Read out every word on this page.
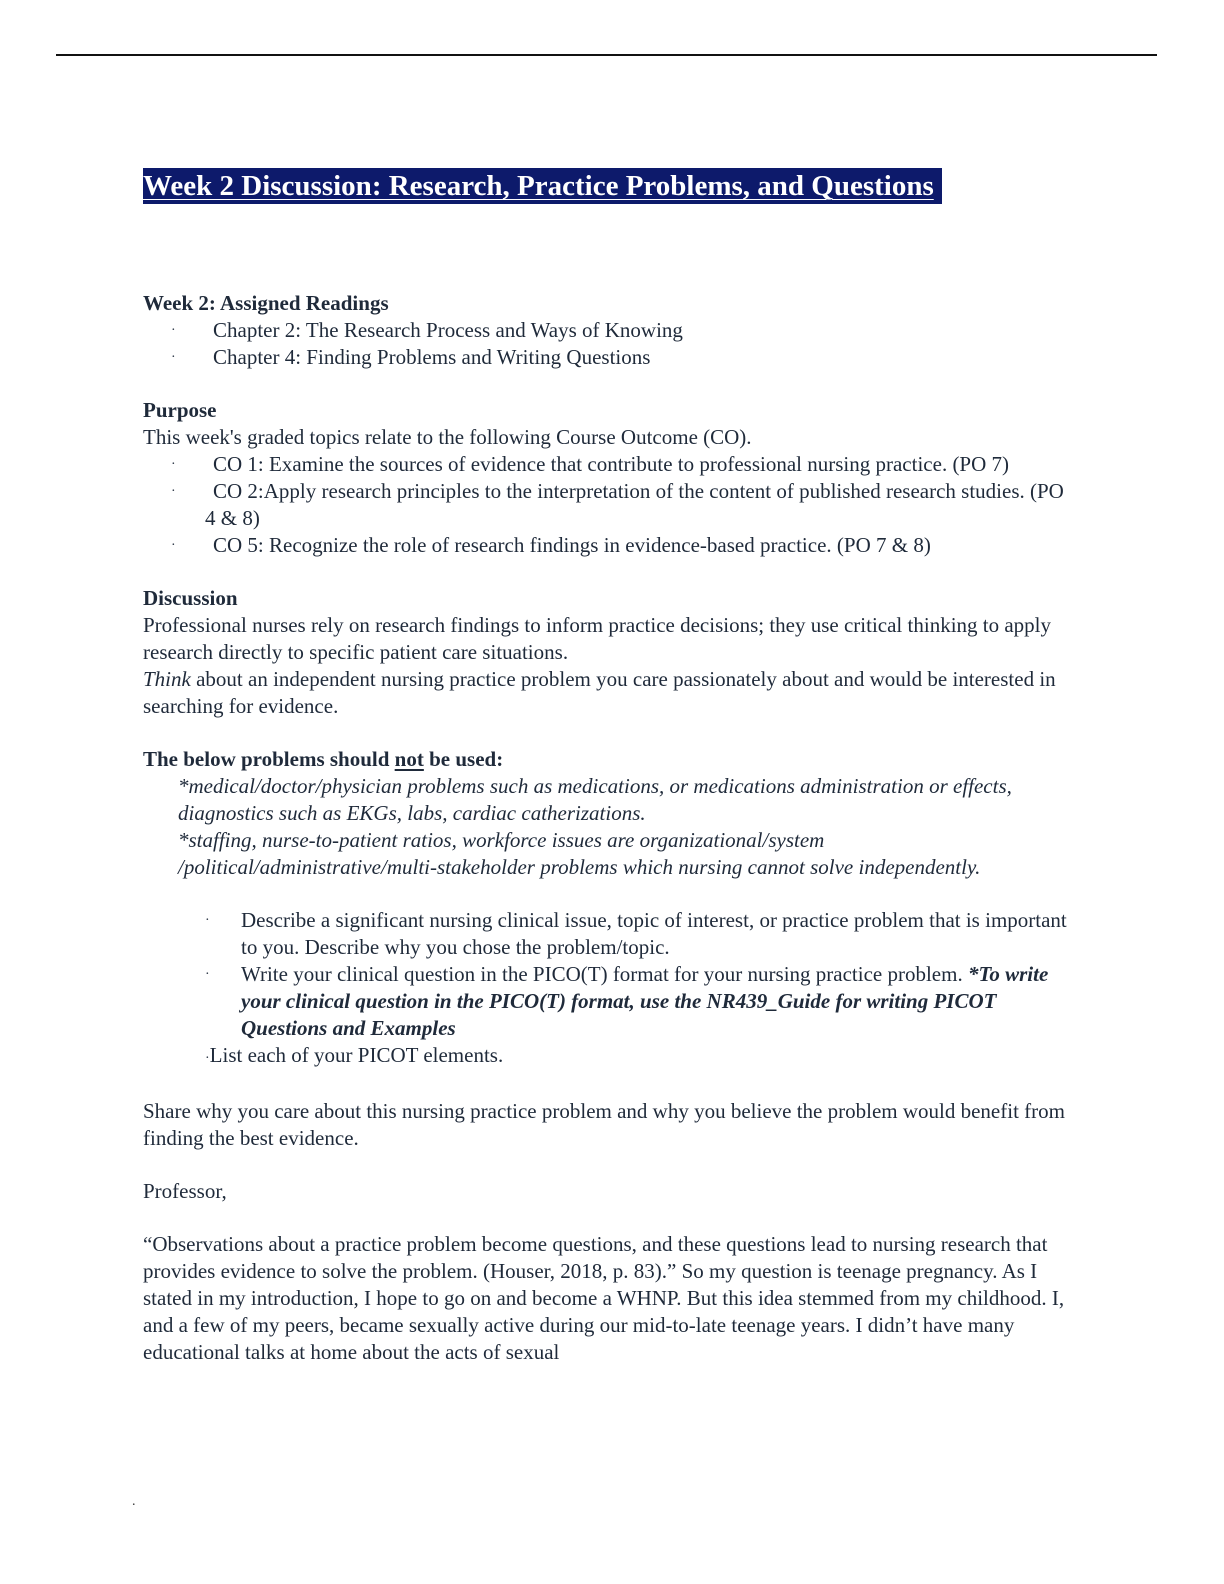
Week 2 Discussion: Research, Practice Problems, and Questions
Week 2: Assigned Readings
· Chapter 2: The Research Process and Ways of Knowing
· Chapter 4: Finding Problems and Writing Questions
Purpose
This week's graded topics relate to the following Course Outcome (CO).
·	CO 1: Examine the sources of evidence that contribute to professional nursing practice. (PO 7)
·	CO 2:Apply research principles to the interpretation of the content of published research studies. (PO 4 & 8)
·	CO 5: Recognize the role of research findings in evidence-based practice. (PO 7 & 8)
Discussion
Professional nurses rely on research findings to inform practice decisions; they use critical thinking to apply research directly to specific patient care situations.
Think about an independent nursing practice problem you care passionately about and would be interested in searching for evidence.
The below problems should not be used:
*medical/doctor/physician problems such as medications, or medications administration or effects, diagnostics such as EKGs, labs, cardiac catherizations.
*staffing, nurse-to-patient ratios, workforce issues are organizational/system /political/administrative/multi-stakeholder problems which nursing cannot solve independently.
· Describe a significant nursing clinical issue, topic of interest, or practice problem that is important to you. Describe why you chose the problem/topic.
· Write your clinical question in the PICO(T) format for your nursing practice problem. *To write your clinical question in the PICO(T) format, use the NR439_Guide for writing PICOT Questions and Examples
·List each of your PICOT elements.
Share why you care about this nursing practice problem and why you believe the problem would benefit from finding the best evidence.
Professor,
“Observations about a practice problem become questions, and these questions lead to nursing research that provides evidence to solve the problem. (Houser, 2018, p. 83).” So my question is teenage pregnancy. As I stated in my introduction, I hope to go on and become a WHNP. But this idea stemmed from my childhood. I, and a few of my peers, became sexually active during our mid-to-late teenage years. I didn’t have many educational talks at home about the acts of sexual
.
